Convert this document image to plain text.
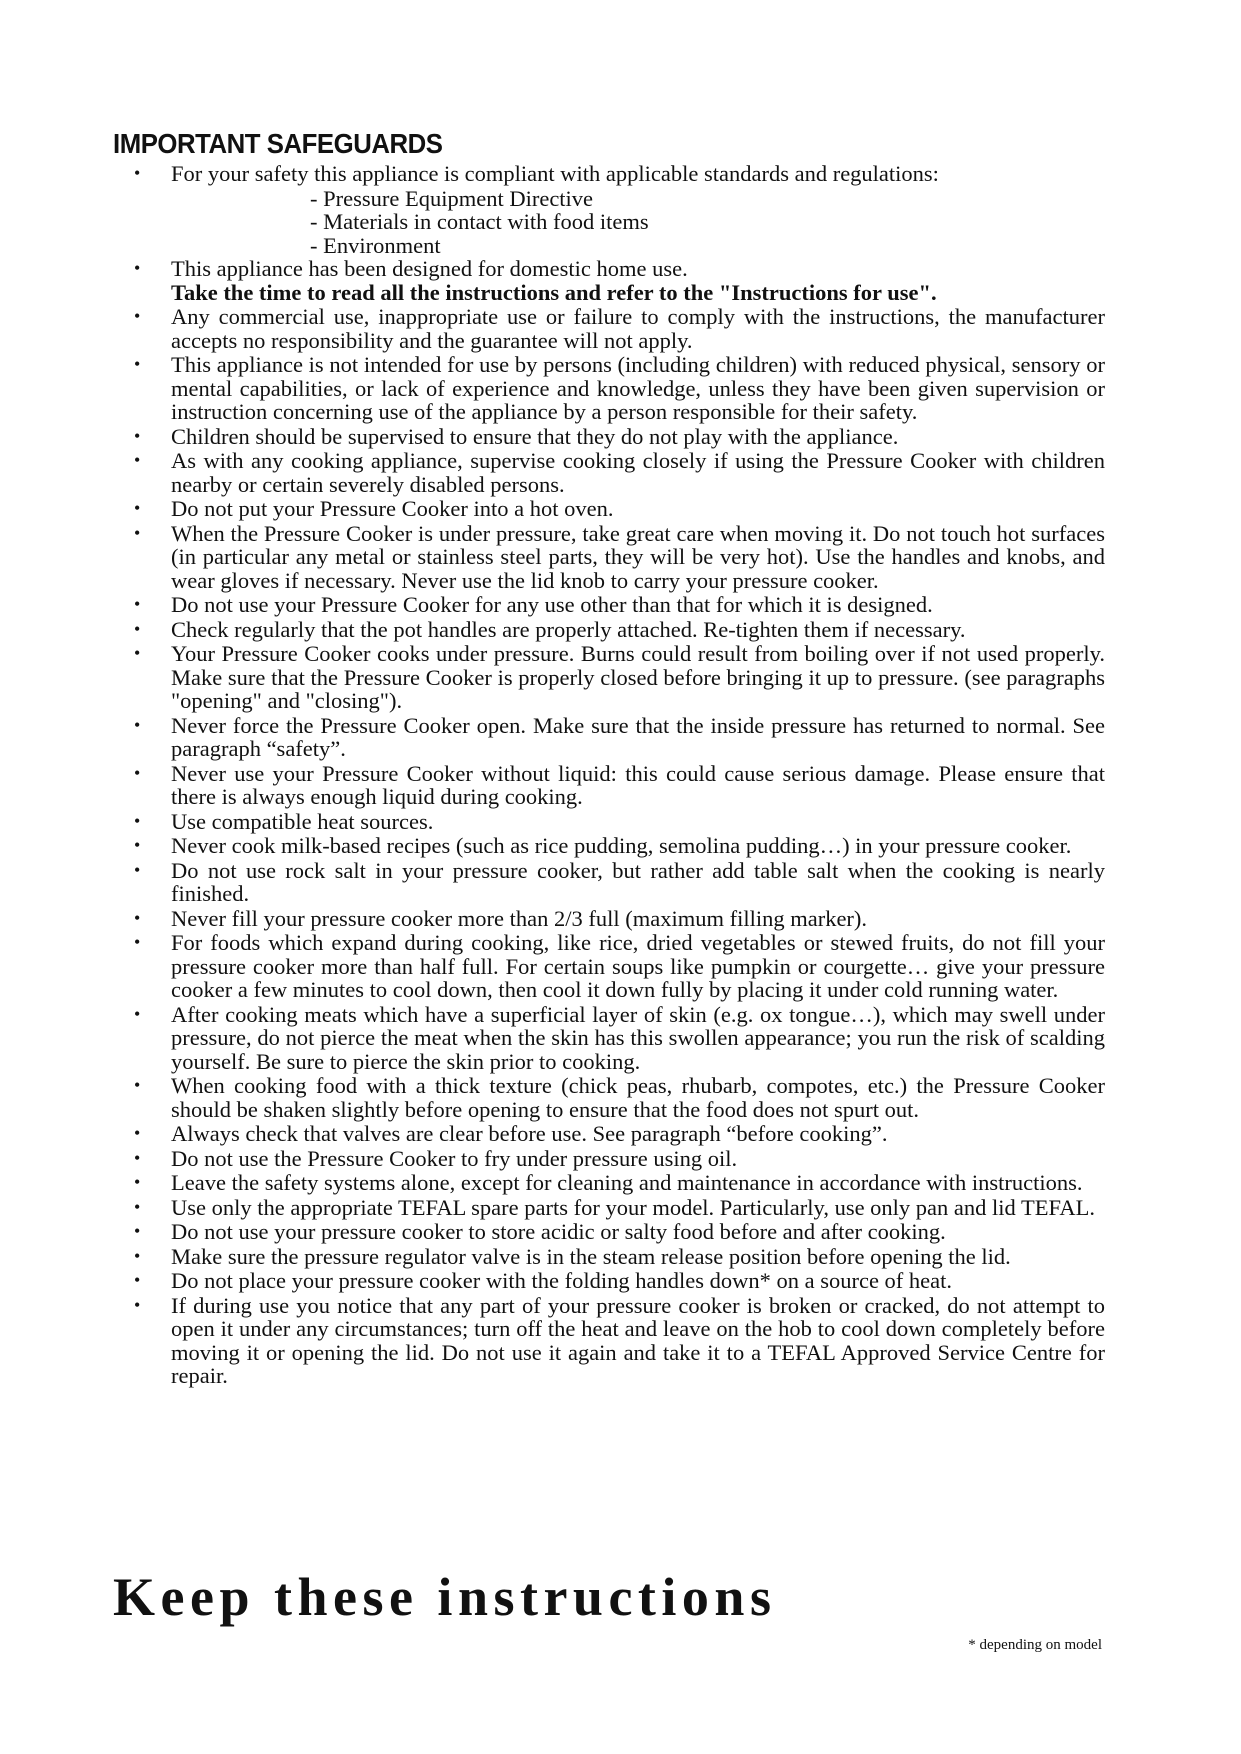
IMPORTANT SAFEGUARDS
• For your safety this appliance is compliant with applicable standards and regulations:

- Pressure Equipment Directive
- Materials in contact with food items
- Environment
• This appliance has been designed for domestic home use.

Take the time to read all the instructions and refer to the "Instructions for use".

• Any commercial use, inappropriate use or failure to comply with the instructions, the manufacturer accepts no responsibility and the guarantee will not apply.

• This appliance is not intended for use by persons (including children) with reduced physical, sensory or mental capabilities, or lack of experience and knowledge, unless they have been given supervision or instruction concerning use of the appliance by a person responsible for their safety.

• Children should be supervised to ensure that they do not play with the appliance.

• As with any cooking appliance, supervise cooking closely if using the Pressure Cooker with children nearby or certain severely disabled persons.

• Do not put your Pressure Cooker into a hot oven.

• When the Pressure Cooker is under pressure, take great care when moving it. Do not touch hot surfaces (in particular any metal or stainless steel parts, they will be very hot). Use the handles and knobs, and wear gloves if necessary. Never use the lid knob to carry your pressure cooker.

• Do not use your Pressure Cooker for any use other than that for which it is designed.

• Check regularly that the pot handles are properly attached. Re-tighten them if necessary.

• Your Pressure Cooker cooks under pressure. Burns could result from boiling over if not used properly. Make sure that the Pressure Cooker is properly closed before bringing it up to pressure. (see paragraphs "opening" and "closing").

• Never force the Pressure Cooker open. Make sure that the inside pressure has returned to normal. See paragraph “safety”.

• Never use your Pressure Cooker without liquid: this could cause serious damage. Please ensure that there is always enough liquid during cooking.

• Use compatible heat sources.

• Never cook milk-based recipes (such as rice pudding, semolina pudding…) in your pressure cooker.

• Do not use rock salt in your pressure cooker, but rather add table salt when the cooking is nearly finished.

• Never fill your pressure cooker more than 2/3 full (maximum filling marker).

• For foods which expand during cooking, like rice, dried vegetables or stewed fruits, do not fill your pressure cooker more than half full. For certain soups like pumpkin or courgette… give your pressure cooker a few minutes to cool down, then cool it down fully by placing it under cold running water.

• After cooking meats which have a superficial layer of skin (e.g. ox tongue…), which may swell under pressure, do not pierce the meat when the skin has this swollen appearance; you run the risk of scalding yourself. Be sure to pierce the skin prior to cooking.

• When cooking food with a thick texture (chick peas, rhubarb, compotes, etc.) the Pressure Cooker should be shaken slightly before opening to ensure that the food does not spurt out.

• Always check that valves are clear before use. See paragraph “before cooking”.

• Do not use the Pressure Cooker to fry under pressure using oil.

• Leave the safety systems alone, except for cleaning and maintenance in accordance with instructions.

• Use only the appropriate TEFAL spare parts for your model. Particularly, use only pan and lid TEFAL.

• Do not use your pressure cooker to store acidic or salty food before and after cooking.

• Make sure the pressure regulator valve is in the steam release position before opening the lid.

• Do not place your pressure cooker with the folding handles down* on a source of heat.

• If during use you notice that any part of your pressure cooker is broken or cracked, do not attempt to open it under any circumstances; turn off the heat and leave on the hob to cool down completely before moving it or opening the lid. Do not use it again and take it to a TEFAL Approved Service Centre for repair.

Keep these instructions
* depending on model
